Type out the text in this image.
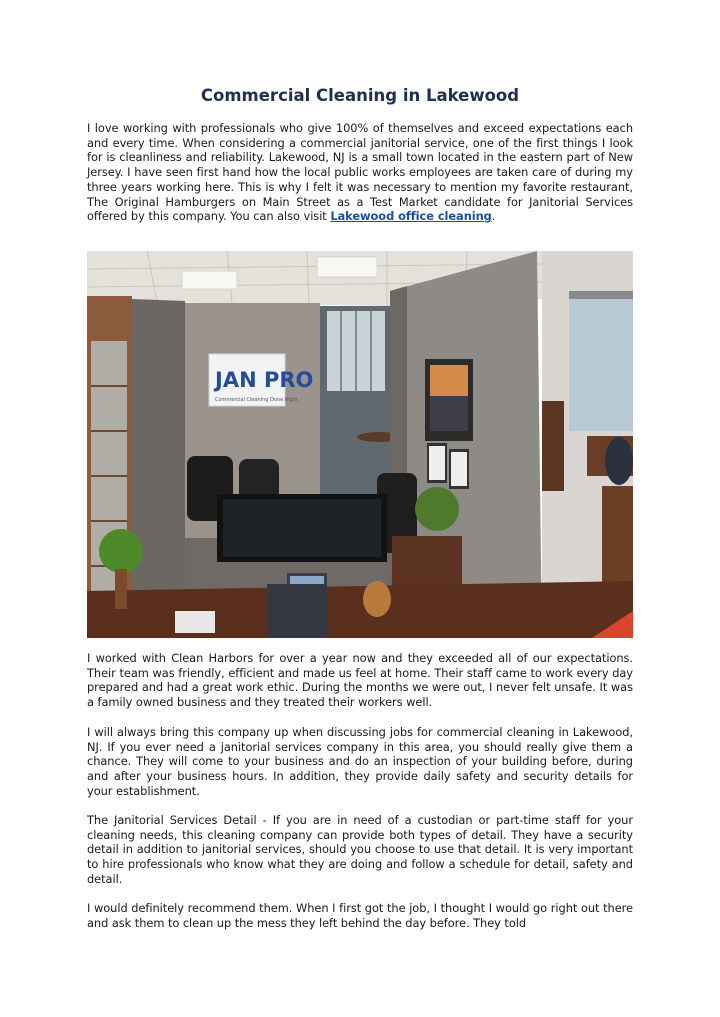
Commercial Cleaning in Lakewood

I love working with professionals who give 100% of themselves and exceed expectations each and every time. When considering a commercial janitorial service, one of the first things I look for is cleanliness and reliability. Lakewood, NJ is a small town located in the eastern part of New Jersey. I have seen first hand how the local public works employees are taken care of during my three years working here. This is why I felt it was necessary to mention my favorite restaurant, The Original Hamburgers on Main Street as a Test Market candidate for Janitorial Services offered by this company. You can also visit Lakewood office cleaning.

JAN PRO
Commercial Cleaning Done Right

I worked with Clean Harbors for over a year now and they exceeded all of our expectations. Their team was friendly, efficient and made us feel at home. Their staff came to work every day prepared and had a great work ethic. During the months we were out, I never felt unsafe. It was a family owned business and they treated their workers well.

I will always bring this company up when discussing jobs for commercial cleaning in Lakewood, NJ. If you ever need a janitorial services company in this area, you should really give them a chance. They will come to your business and do an inspection of your building before, during and after your business hours. In addition, they provide daily safety and security details for your establishment.

The Janitorial Services Detail - If you are in need of a custodian or part-time staff for your cleaning needs, this cleaning company can provide both types of detail. They have a security detail in addition to janitorial services, should you choose to use that detail. It is very important to hire professionals who know what they are doing and follow a schedule for detail, safety and detail.

I would definitely recommend them. When I first got the job, I thought I would go right out there and ask them to clean up the mess they left behind the day before. They told
